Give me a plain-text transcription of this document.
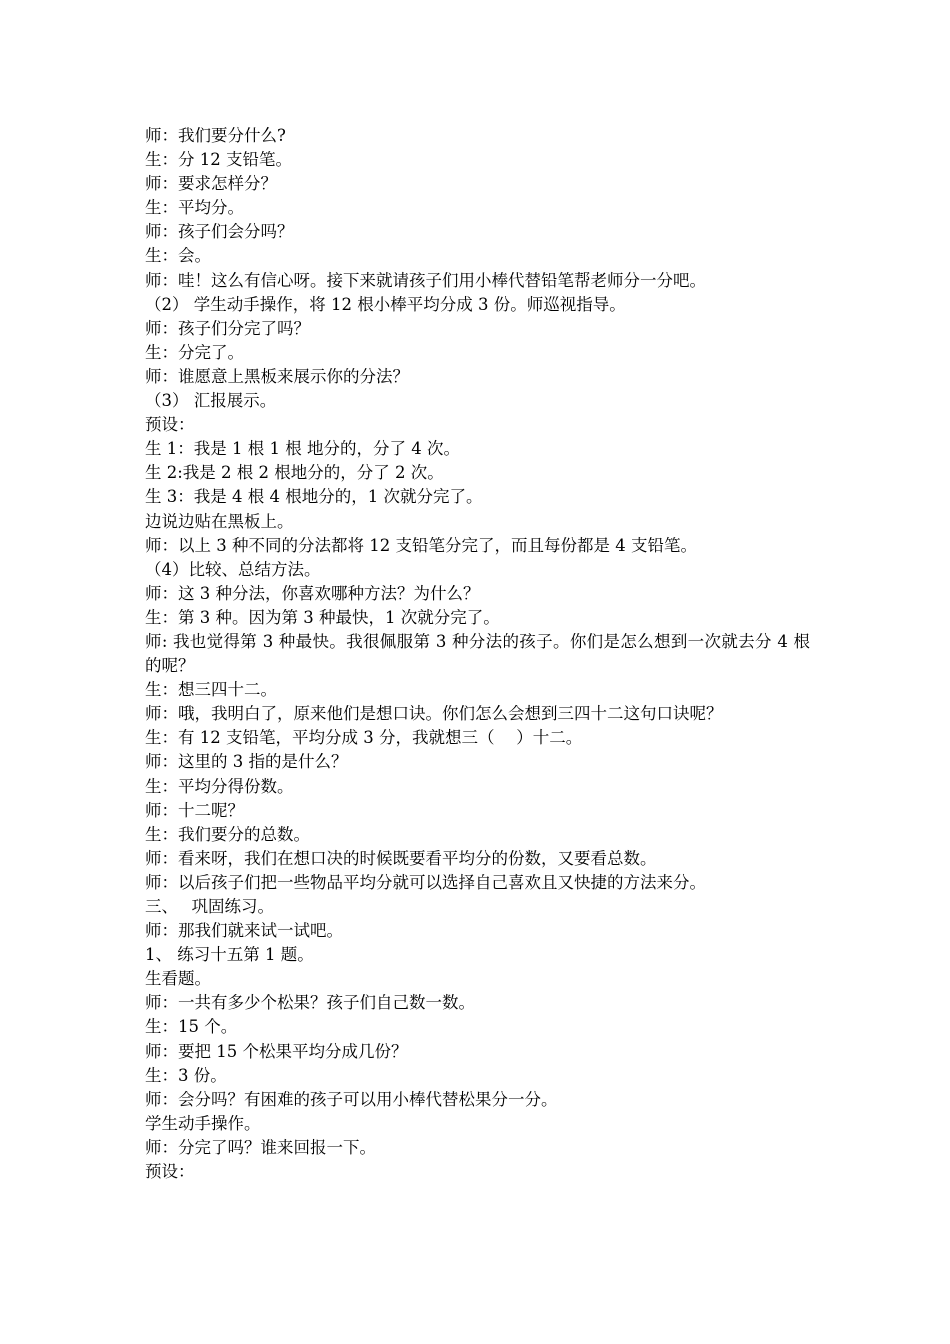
师：我们要分什么?
生：分 12 支铅笔。
师：要求怎样分？
生：平均分。
师：孩子们会分吗？
生：会。
师：哇！这么有信心呀。接下来就请孩子们用小棒代替铅笔帮老师分一分吧。
（2） 学生动手操作，将 12 根小棒平均分成 3 份。师巡视指导。
师：孩子们分完了吗？
生：分完了。
师：谁愿意上黑板来展示你的分法？
（3） 汇报展示。
预设：
生 1：我是 1 根 1 根 地分的，分了 4 次。
生 2:我是 2 根 2 根地分的，分了 2 次。
生 3：我是 4 根 4 根地分的，1 次就分完了。
边说边贴在黑板上。
师：以上 3 种不同的分法都将 12 支铅笔分完了，而且每份都是 4 支铅笔。
（4）比较、总结方法。
师：这 3 种分法，你喜欢哪种方法？为什么？
生：第 3 种。因为第 3 种最快，1 次就分完了。
师: 我也觉得第 3 种最快。我很佩服第 3 种分法的孩子。你们是怎么想到一次就去分 4 根的呢？
生：想三四十二。
师：哦，我明白了，原来他们是想口诀。你们怎么会想到三四十二这句口诀呢？
生：有 12 支铅笔，平均分成 3 分，我就想三（　 ）十二。
师：这里的 3 指的是什么？
生：平均分得份数。
师：十二呢？
生：我们要分的总数。
师：看来呀，我们在想口决的时候既要看平均分的份数，又要看总数。
师：以后孩子们把一些物品平均分就可以选择自己喜欢且又快捷的方法来分。
三、　 巩固练习。
师：那我们就来试一试吧。
1、 练习十五第 1 题。
生看题。
师：一共有多少个松果？孩子们自己数一数。
生：15 个。
师：要把 15 个松果平均分成几份？
生：3 份。
师：会分吗？有困难的孩子可以用小棒代替松果分一分。
学生动手操作。
师：分完了吗？谁来回报一下。
预设：
